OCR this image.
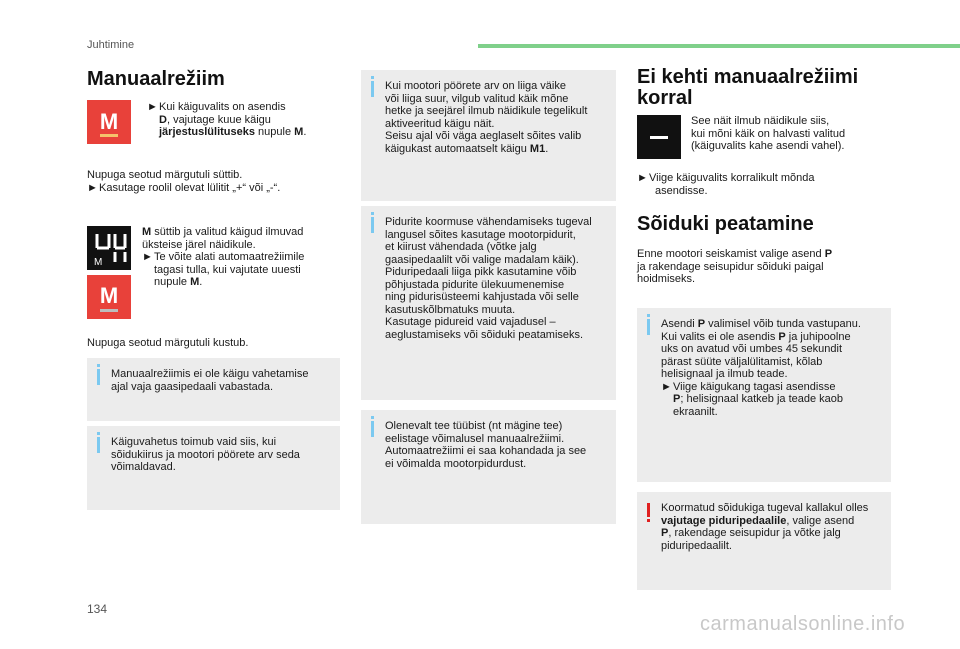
Juhtimine
Manuaalrežiim
M
►Kui käiguvalits on asendis
D, vajutage kuue käigu
järjestuslülituseks nupule M.
Nupuga seotud märgutuli süttib.
►Kasutage roolil olevat lülitit „+“ või „-“.
M
M
M süttib ja valitud käigud ilmuvad
üksteise järel näidikule.
►Te võite alati automaatrežiimile
tagasi tulla, kui vajutate uuesti
nupule M.
Nupuga seotud märgutuli kustub.
Manuaalrežiimis ei ole käigu vahetamise
ajal vaja gaasipedaali vabastada.
Käiguvahetus toimub vaid siis, kui
sõidukiirus ja mootori pöörete arv seda
võimaldavad.
Kui mootori pöörete arv on liiga väike
või liiga suur, vilgub valitud käik mõne
hetke ja seejärel ilmub näidikule tegelikult
aktiveeritud käigu näit.
Seisu ajal või väga aeglaselt sõites valib
käigukast automaatselt käigu M1.
Pidurite koormuse vähendamiseks tugeval
langusel sõites kasutage mootorpidurit,
et kiirust vähendada (võtke jalg
gaasipedaalilt või valige madalam käik).
Piduripedaali liiga pikk kasutamine võib
põhjustada pidurite ülekuumenemise
ning pidurisüsteemi kahjustada või selle
kasutuskõlbmatuks muuta.
Kasutage pidureid vaid vajadusel –
aeglustamiseks või sõiduki peatamiseks.
Olenevalt tee tüübist (nt mägine tee)
eelistage võimalusel manuaalrežiimi.
Automaatrežiimi ei saa kohandada ja see
ei võimalda mootorpidurdust.
Ei kehti manuaalrežiimi
korral
See näit ilmub näidikule siis,
kui mõni käik on halvasti valitud
(käiguvalits kahe asendi vahel).
►Viige käiguvalits korralikult mõnda
asendisse.
Sõiduki peatamine
Enne mootori seiskamist valige asend P
ja rakendage seisupidur sõiduki paigal
hoidmiseks.
Asendi P valimisel võib tunda vastupanu.
Kui valits ei ole asendis P ja juhipoolne
uks on avatud või umbes 45 sekundit
pärast süüte väljalülitamist, kõlab
helisignaal ja ilmub teade.
►Viige käigukang tagasi asendisse
P; helisignaal katkeb ja teade kaob
ekraanilt.
Koormatud sõidukiga tugeval kallakul olles
vajutage piduripedaalile, valige asend
P, rakendage seisupidur ja võtke jalg
piduripedaalilt.
134
carmanualsonline.info
